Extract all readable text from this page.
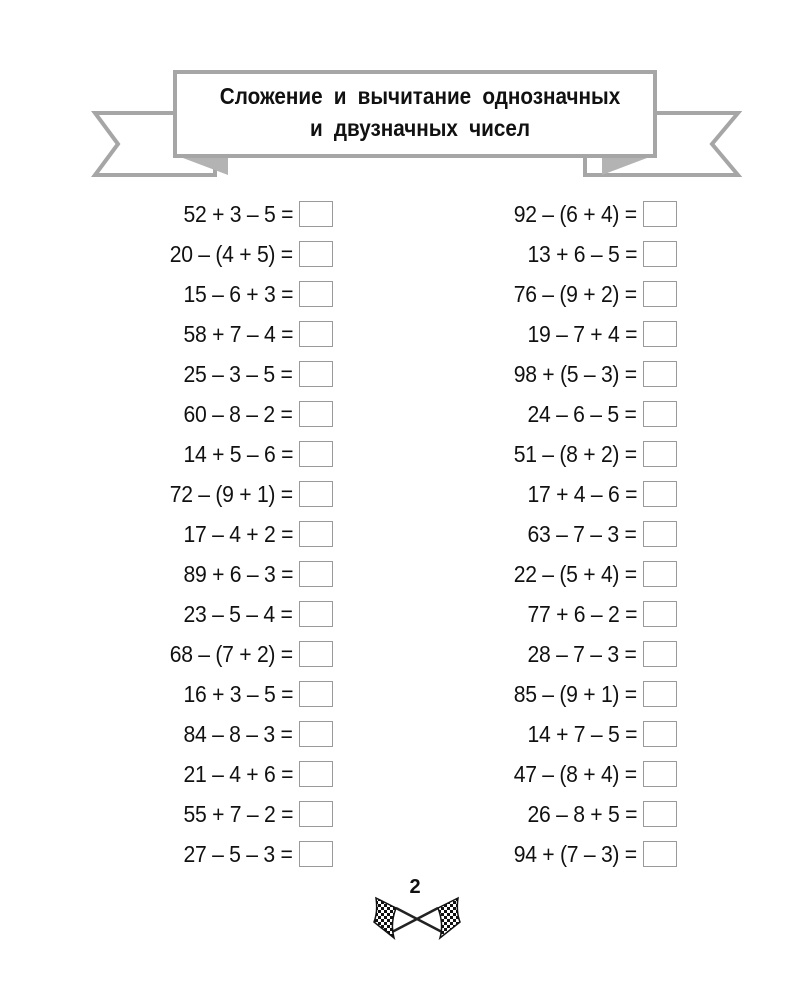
Сложение и вычитание однозначных
и двузначных чисел
52 + 3 – 5 =
20 – (4 + 5) =
15 – 6 + 3 =
58 + 7 – 4 =
25 – 3 – 5 =
60 – 8 – 2 =
14 + 5 – 6 =
72 – (9 + 1) =
17 – 4 + 2 =
89 + 6 – 3 =
23 – 5 – 4 =
68 – (7 + 2) =
16 + 3 – 5 =
84 – 8 – 3 =
21 – 4 + 6 =
55 + 7 – 2 =
27 – 5 – 3 =
92 – (6 + 4) =
13 + 6 – 5 =
76 – (9 + 2) =
19 – 7 + 4 =
98 + (5 – 3) =
24 – 6 – 5 =
51 – (8 + 2) =
17 + 4 – 6 =
63 – 7 – 3 =
22 – (5 + 4) =
77 + 6 – 2 =
28 – 7 – 3 =
85 – (9 + 1) =
14 + 7 – 5 =
47 – (8 + 4) =
26 – 8 + 5 =
94 + (7 – 3) =
2
